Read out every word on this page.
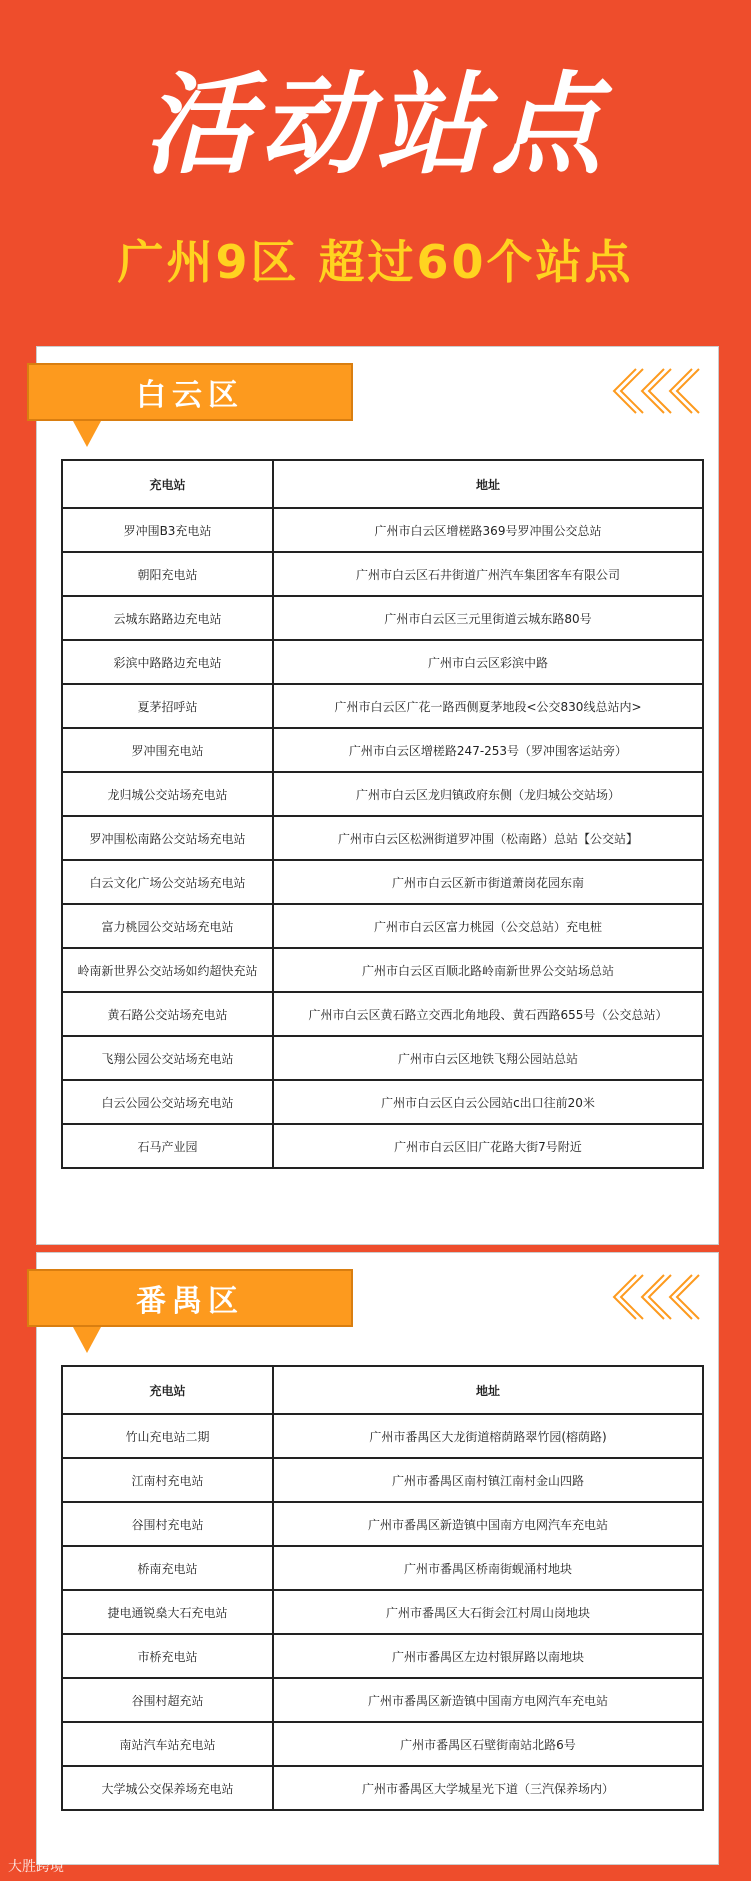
活动站点
广州9区 超过60个站点
白云区
充电站	地址
罗冲围B3充电站	广州市白云区增槎路369号罗冲围公交总站
朝阳充电站	广州市白云区石井街道广州汽车集团客车有限公司
云城东路路边充电站	广州市白云区三元里街道云城东路80号
彩滨中路路边充电站	广州市白云区彩滨中路
夏茅招呼站	广州市白云区广花一路西侧夏茅地段<公交830线总站内>
罗冲围充电站	广州市白云区增槎路247-253号（罗冲围客运站旁）
龙归城公交站场充电站	广州市白云区龙归镇政府东侧（龙归城公交站场）
罗冲围松南路公交站场充电站	广州市白云区松洲街道罗冲围（松南路）总站【公交站】
白云文化广场公交站场充电站	广州市白云区新市街道萧岗花园东南
富力桃园公交站场充电站	广州市白云区富力桃园（公交总站）充电桩
岭南新世界公交站场如约超快充站	广州市白云区百顺北路岭南新世界公交站场总站
黄石路公交站场充电站	广州市白云区黄石路立交西北角地段、黄石西路655号（公交总站）
飞翔公园公交站场充电站	广州市白云区地铁飞翔公园站总站
白云公园公交站场充电站	广州市白云区白云公园站c出口往前20米
石马产业园	广州市白云区旧广花路大街7号附近
番禺区
充电站	地址
竹山充电站二期	广州市番禺区大龙街道榕荫路翠竹园(榕荫路)
江南村充电站	广州市番禺区南村镇江南村金山四路
谷围村充电站	广州市番禺区新造镇中国南方电网汽车充电站
桥南充电站	广州市番禺区桥南街蚬涌村地块
捷电通锐燊大石充电站	广州市番禺区大石街会江村周山岗地块
市桥充电站	广州市番禺区左边村银屏路以南地块
谷围村超充站	广州市番禺区新造镇中国南方电网汽车充电站
南站汽车站充电站	广州市番禺区石壁街南站北路6号
大学城公交保养场充电站	广州市番禺区大学城星光下道（三汽保养场内）
大胜跨境
